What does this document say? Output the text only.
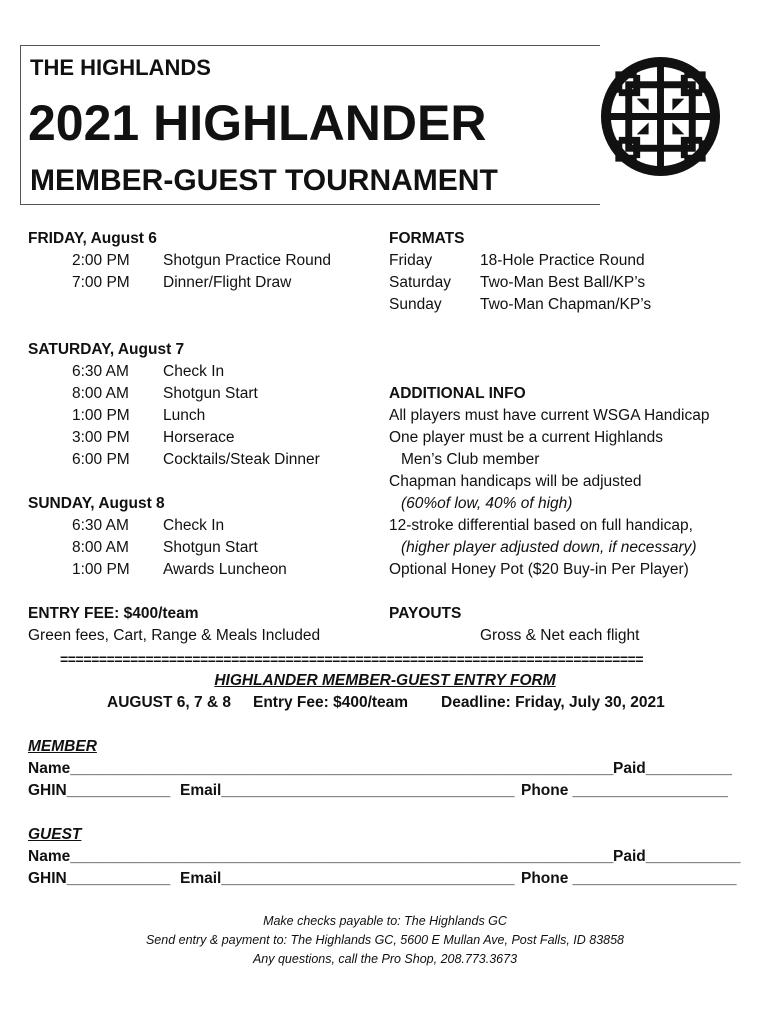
THE HIGHLANDS
2021 HIGHLANDER
MEMBER-GUEST TOURNAMENT
FRIDAY, August 6
2:00 PM Shotgun Practice Round
7:00 PM Dinner/Flight Draw
SATURDAY, August 7
6:30 AM Check In
8:00 AM Shotgun Start
1:00 PM Lunch
3:00 PM Horserace
6:00 PM Cocktails/Steak Dinner
SUNDAY, August 8
6:30 AM Check In
8:00 AM Shotgun Start
1:00 PM Awards Luncheon
FORMATS
Friday	18-Hole Practice Round
Saturday Two-Man Best Ball/KP’s
Sunday Two-Man Chapman/KP’s
ADDITIONAL INFO
All players must have current WSGA Handicap
One player must be a current Highlands
Men’s Club member
Chapman handicaps will be adjusted
(60%of low, 40% of high)
12-stroke differential based on full handicap,
(higher player adjusted down, if necessary)
Optional Honey Pot ($20 Buy-in Per Player)
ENTRY FEE: $400/team
Green fees, Cart, Range & Meals Included
PAYOUTS
Gross & Net each flight
===========================================================================
HIGHLANDER MEMBER-GUEST ENTRY FORM
AUGUST 6, 7 & 8 Entry Fee: $400/team Deadline: Friday, July 30, 2021
MEMBER
Name_______________________________________________________________ Paid__________
GHIN____________ Email__________________________________ Phone __________________
GUEST
Name_______________________________________________________________ Paid___________
GHIN____________ Email__________________________________ Phone ___________________
Make checks payable to: The Highlands GC
Send entry & payment to: The Highlands GC, 5600 E Mullan Ave, Post Falls, ID 83858
Any questions, call the Pro Shop, 208.773.3673
